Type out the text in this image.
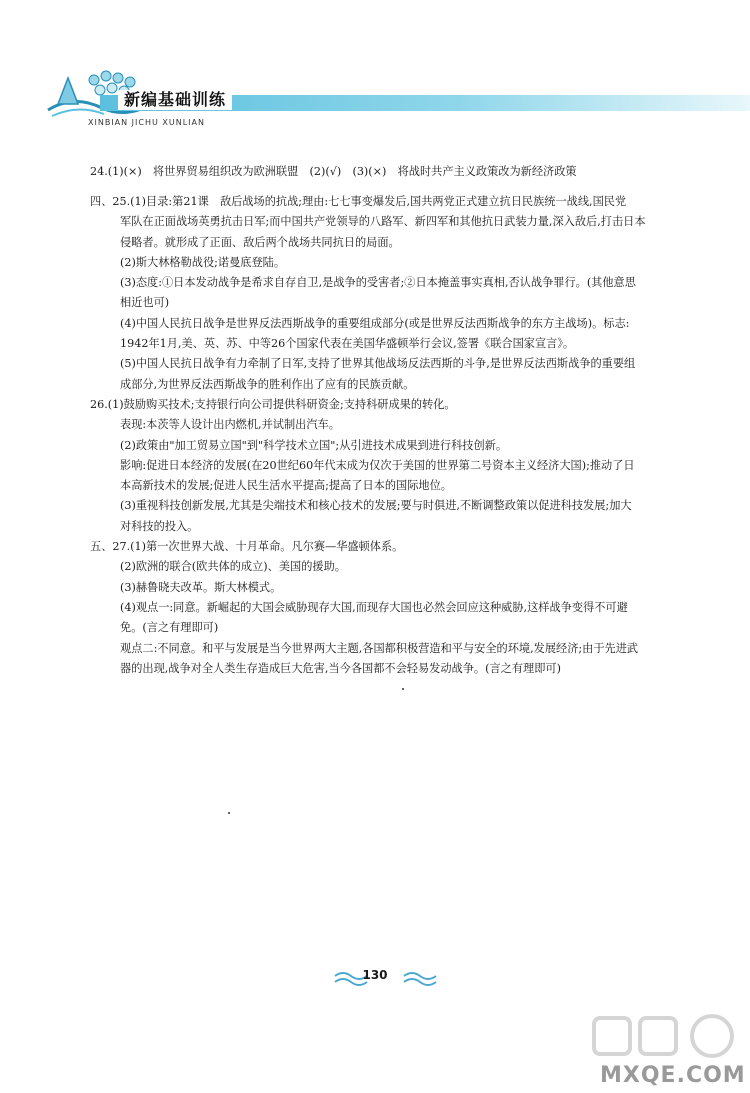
新编基础训练
XINBIAN JICHU XUNLIAN
24.(1)(×)　将世界贸易组织改为欧洲联盟　(2)(√)　(3)(×)　将战时共产主义政策改为新经济政策
四、25.(1)目录:第21课　敌后战场的抗战;理由:七七事变爆发后,国共两党正式建立抗日民族统一战线,国民党
军队在正面战场英勇抗击日军;而中国共产党领导的八路军、新四军和其他抗日武装力量,深入敌后,打击日本
侵略者。就形成了正面、敌后两个战场共同抗日的局面。
(2)斯大林格勒战役;诺曼底登陆。
(3)态度:①日本发动战争是希求自存自卫,是战争的受害者;②日本掩盖事实真相,否认战争罪行。(其他意思
相近也可)
(4)中国人民抗日战争是世界反法西斯战争的重要组成部分(或是世界反法西斯战争的东方主战场)。标志:
1942年1月,美、英、苏、中等26个国家代表在美国华盛顿举行会议,签署《联合国家宣言》。
(5)中国人民抗日战争有力牵制了日军,支持了世界其他战场反法西斯的斗争,是世界反法西斯战争的重要组
成部分,为世界反法西斯战争的胜利作出了应有的民族贡献。
26.(1)鼓励购买技术;支持银行向公司提供科研资金;支持科研成果的转化。
表现:本茨等人设计出内燃机,并试制出汽车。
(2)政策由"加工贸易立国"到"科学技术立国";从引进技术成果到进行科技创新。
影响:促进日本经济的发展(在20世纪60年代末成为仅次于美国的世界第二号资本主义经济大国);推动了日
本高新技术的发展;促进人民生活水平提高;提高了日本的国际地位。
(3)重视科技创新发展,尤其是尖端技术和核心技术的发展;要与时俱进,不断调整政策以促进科技发展;加大
对科技的投入。
五、27.(1)第一次世界大战、十月革命。凡尔赛—华盛顿体系。
(2)欧洲的联合(欧共体的成立)、美国的援助。
(3)赫鲁晓夫改革。斯大林模式。
(4)观点一:同意。新崛起的大国会威胁现存大国,而现存大国也必然会回应这种威胁,这样战争变得不可避
免。(言之有理即可)
观点二:不同意。和平与发展是当今世界两大主题,各国都积极营造和平与安全的环境,发展经济;由于先进武
器的出现,战争对全人类生存造成巨大危害,当今各国都不会轻易发动战争。(言之有理即可)
130
MXQE.COM
